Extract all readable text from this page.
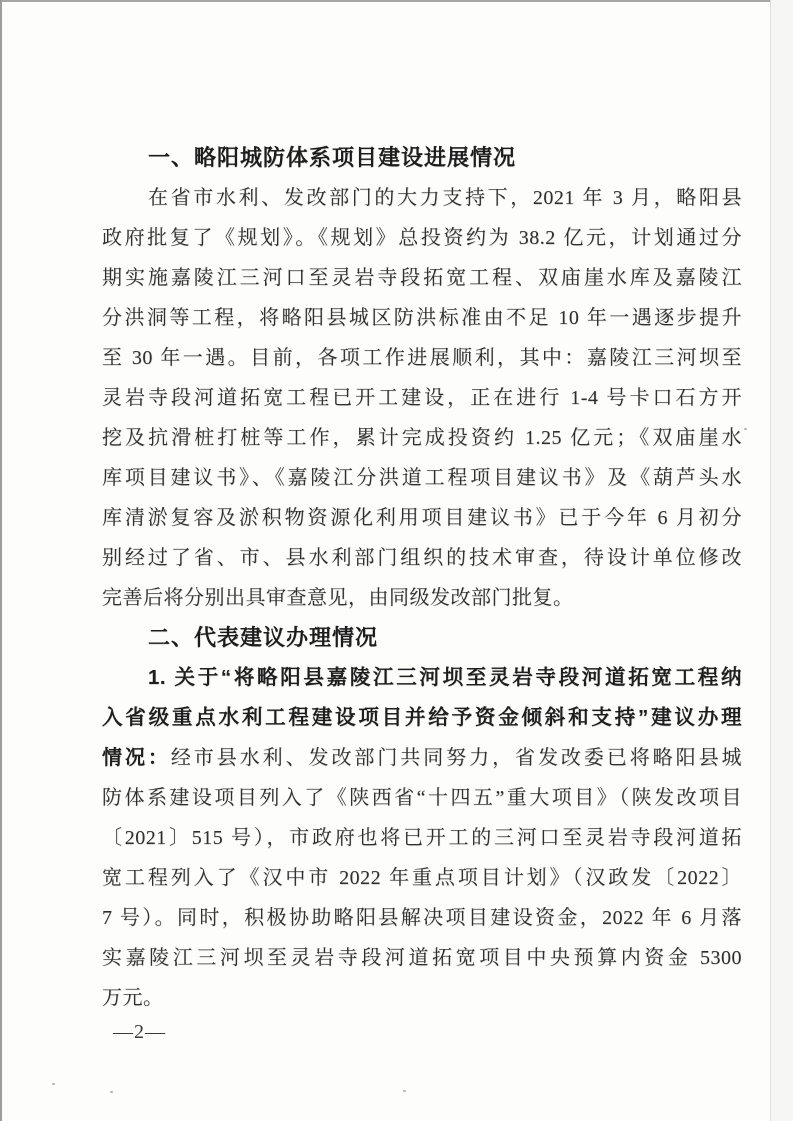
一、略阳城防体系项目建设进展情况
在省市水利、发改部门的大力支持下，2021 年 3 月，略阳县
政府批复了《规划》。《规划》总投资约为 38.2 亿元，计划通过分
期实施嘉陵江三河口至灵岩寺段拓宽工程、双庙崖水库及嘉陵江
分洪洞等工程，将略阳县城区防洪标准由不足 10 年一遇逐步提升
至 30 年一遇。目前，各项工作进展顺利，其中：嘉陵江三河坝至
灵岩寺段河道拓宽工程已开工建设，正在进行 1-4 号卡口石方开
挖及抗滑桩打桩等工作，累计完成投资约 1.25 亿元；《双庙崖水
库项目建议书》、《嘉陵江分洪道工程项目建议书》及《葫芦头水
库清淤复容及淤积物资源化利用项目建议书》已于今年 6 月初分
别经过了省、市、县水利部门组织的技术审查，待设计单位修改
完善后将分别出具审查意见，由同级发改部门批复。
二、代表建议办理情况
1. 关于“将略阳县嘉陵江三河坝至灵岩寺段河道拓宽工程纳
入省级重点水利工程建设项目并给予资金倾斜和支持”建议办理
情况：经市县水利、发改部门共同努力，省发改委已将略阳县城
防体系建设项目列入了《陕西省“十四五”重大项目》（陕发改项目
〔2021〕515 号），市政府也将已开工的三河口至灵岩寺段河道拓
宽工程列入了《汉中市 2022 年重点项目计划》（汉政发〔2022〕
7 号）。同时，积极协助略阳县解决项目建设资金，2022 年 6 月落
实嘉陵江三河坝至灵岩寺段河道拓宽项目中央预算内资金 5300
万元。
—2—
